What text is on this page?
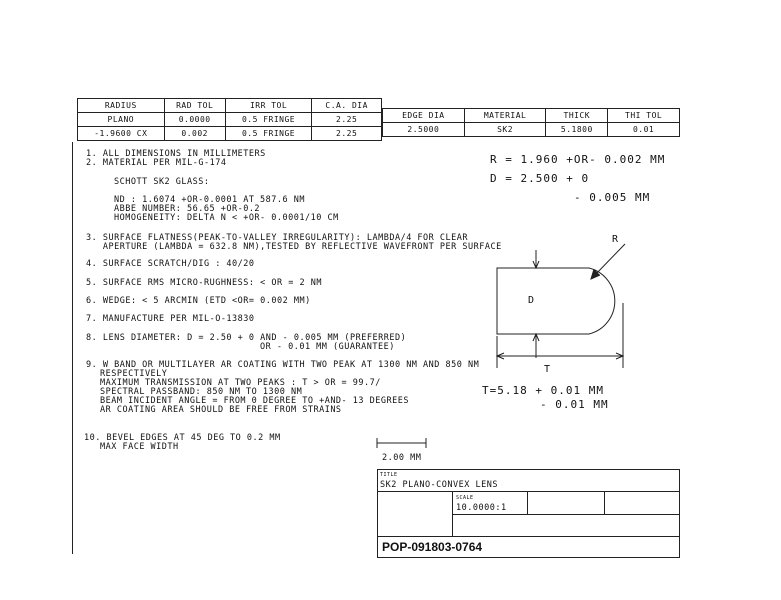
RADIUS	RAD TOL	IRR TOL	C.A. DIA
PLANO	0.0000	0.5 FRINGE	2.25
-1.9600 CX	0.002	0.5 FRINGE	2.25
EDGE DIA	MATERIAL	THICK	THI TOL
2.5000	SK2	5.1800	0.01
1. ALL DIMENSIONS IN MILLIMETERS
2. MATERIAL PER MIL-G-174
SCHOTT SK2 GLASS:
ND : 1.6074 +OR-0.0001 AT 587.6 NM
ABBE NUMBER: 56.65 +OR-0.2
HOMOGENEITY: DELTA N < +OR- 0.0001/10 CM
3. SURFACE FLATNESS(PEAK-TO-VALLEY IRREGULARITY): LAMBDA/4 FOR CLEAR
APERTURE (LAMBDA = 632.8 NM),TESTED BY REFLECTIVE WAVEFRONT PER SURFACE
4. SURFACE SCRATCH/DIG : 40/20
5. SURFACE RMS MICRO-RUGHNESS: < OR = 2 NM
6. WEDGE: < 5 ARCMIN (ETD <OR= 0.002 MM)
7. MANUFACTURE PER MIL-O-13830
8. LENS DIAMETER: D = 2.50 + 0 AND - 0.005 MM (PREFERRED)
OR - 0.01 MM (GUARANTEE)
9. W BAND OR MULTILAYER AR COATING WITH TWO PEAK AT 1300 NM AND 850 NM
RESPECTIVELY
MAXIMUM TRANSMISSION AT TWO PEAKS : T > OR = 99.7/
SPECTRAL PASSBAND: 850 NM TO 1300 NM
BEAM INCIDENT ANGLE = FROM 0 DEGREE TO +AND- 13 DEGREES
AR COATING AREA SHOULD BE FREE FROM STRAINS
10. BEVEL EDGES AT 45 DEG TO 0.2 MM
MAX FACE WIDTH
R = 1.960 +OR- 0.002 MM
D = 2.500 + 0
- 0.005 MM
R
D
T
T=5.18 + 0.01 MM
- 0.01 MM
2.00 MM
TITLE
SK2 PLANO-CONVEX LENS
SCALE
10.0000:1
POP-091803-0764
